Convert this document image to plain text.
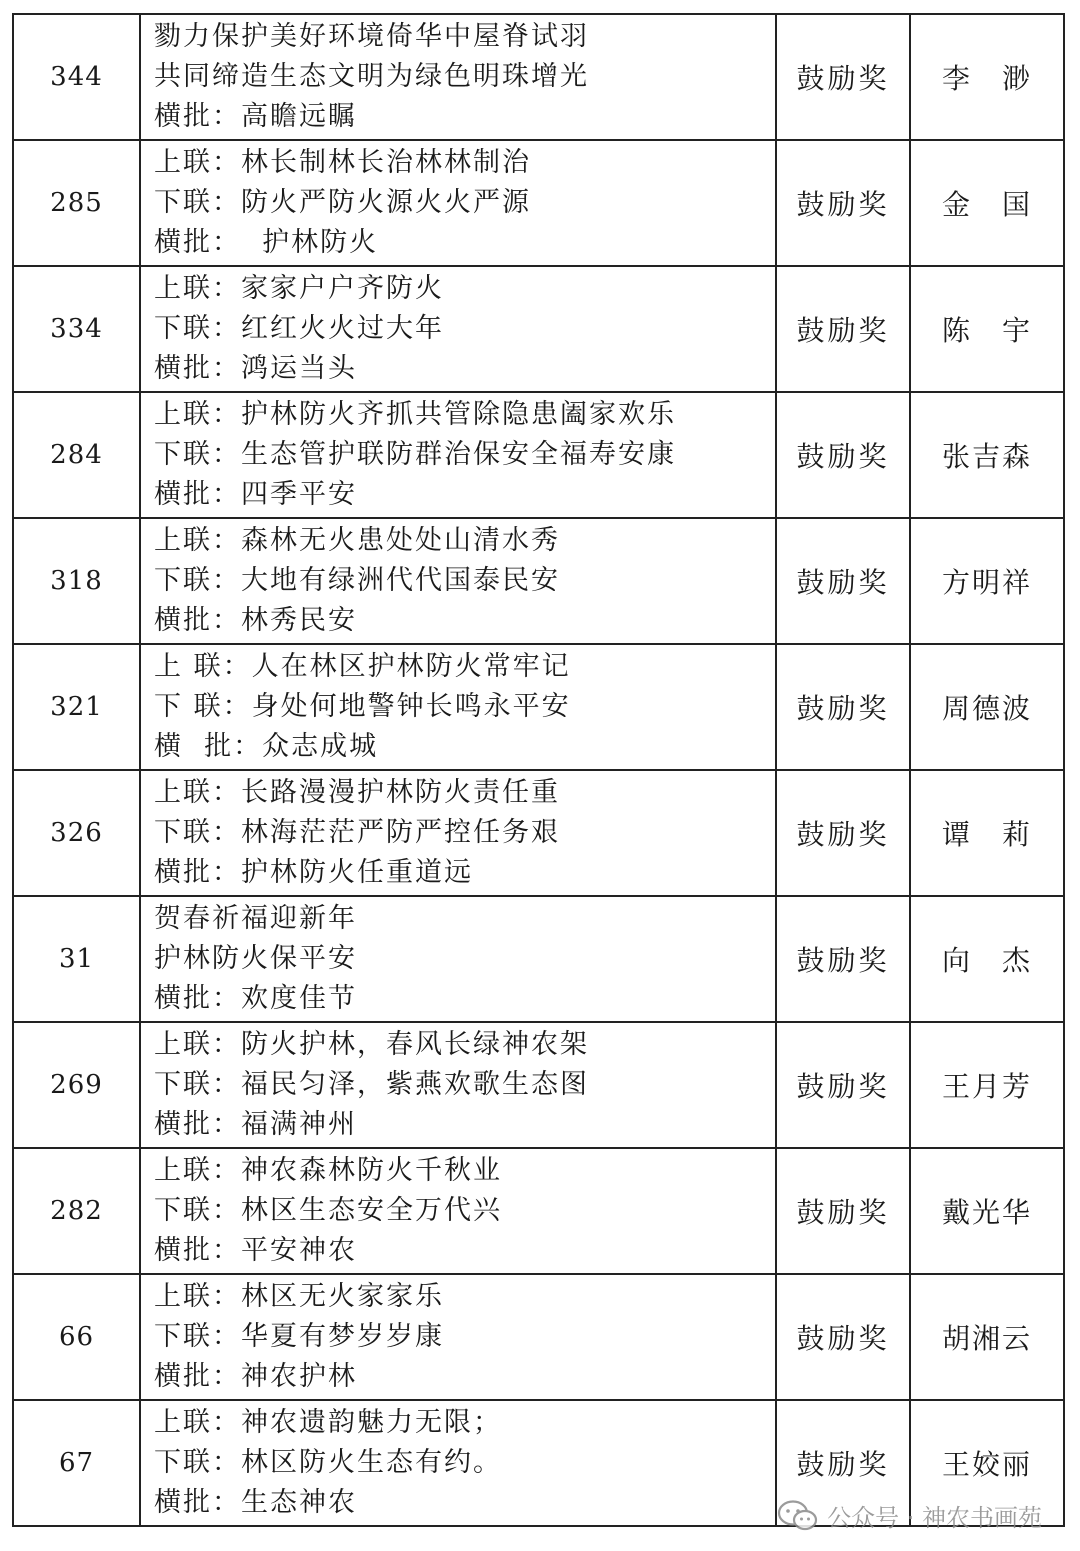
344	勠力保护美好环境倚华中屋脊试羽
共同缔造生态文明为绿色明珠增光
横批：高瞻远瞩	鼓励奖	李　渺
285	上联：林长制林长治林林制治
下联：防火严防火源火火严源
横批：  护林防火	鼓励奖	金　国
334	上联：家家户户齐防火
下联：红红火火过大年
横批：鸿运当头	鼓励奖	陈　宇
284	上联：护林防火齐抓共管除隐患阖家欢乐
下联：生态管护联防群治保安全福寿安康
横批：四季平安	鼓励奖	张吉森
318	上联：森林无火患处处山清水秀
下联：大地有绿洲代代国泰民安
横批：林秀民安	鼓励奖	方明祥
321	上 联：人在林区护林防火常牢记
下 联：身处何地警钟长鸣永平安
横  批：众志成城	鼓励奖	周德波
326	上联：长路漫漫护林防火责任重
下联：林海茫茫严防严控任务艰
横批：护林防火任重道远	鼓励奖	谭　莉
31	贺春祈福迎新年
护林防火保平安
横批：欢度佳节	鼓励奖	向　杰
269	上联：防火护林，春风长绿神农架
下联：福民匀泽，紫燕欢歌生态图
横批：福满神州	鼓励奖	王月芳
282	上联：神农森林防火千秋业
下联：林区生态安全万代兴
横批：平安神农	鼓励奖	戴光华
66	上联：林区无火家家乐
下联：华夏有梦岁岁康
横批：神农护林	鼓励奖	胡湘云
67	上联：神农遗韵魅力无限；
下联：林区防火生态有约。
横批：生态神农	鼓励奖	王姣丽
公众号 · 神农书画苑
